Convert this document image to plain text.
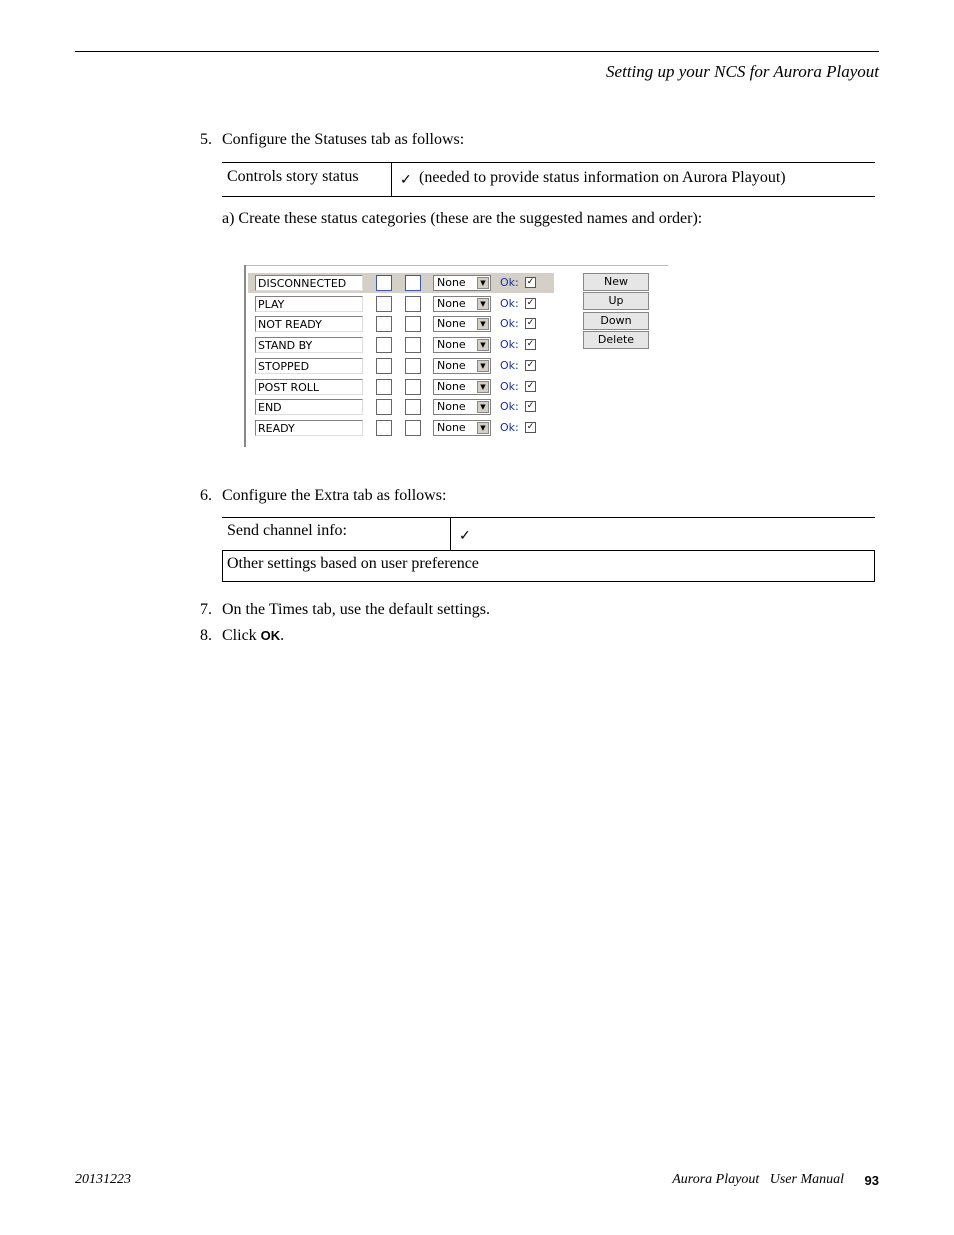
Setting up your NCS for Aurora Playout
5. Configure the Statuses tab as follows:
Controls story status	✓ (needed to provide status information on Aurora Playout)
a) Create these status categories (these are the suggested names and order):
DISCONNECTED	None	▼	Ok: ✓
PLAY	None	▼	Ok: ✓
NOT READY	None	▼	Ok: ✓
STAND BY	None	▼	Ok: ✓
STOPPED	None	▼	Ok: ✓
POST ROLL	None	▼	Ok: ✓
END	None	▼	Ok: ✓
READY	None	▼	Ok: ✓
New
Up
Down
Delete
6. Configure the Extra tab as follows:
Send channel info:	✓
Other settings based on user preference
7. On the Times tab, use the default settings.
8. Click OK.
20131223	Aurora Playout   User Manual 93
